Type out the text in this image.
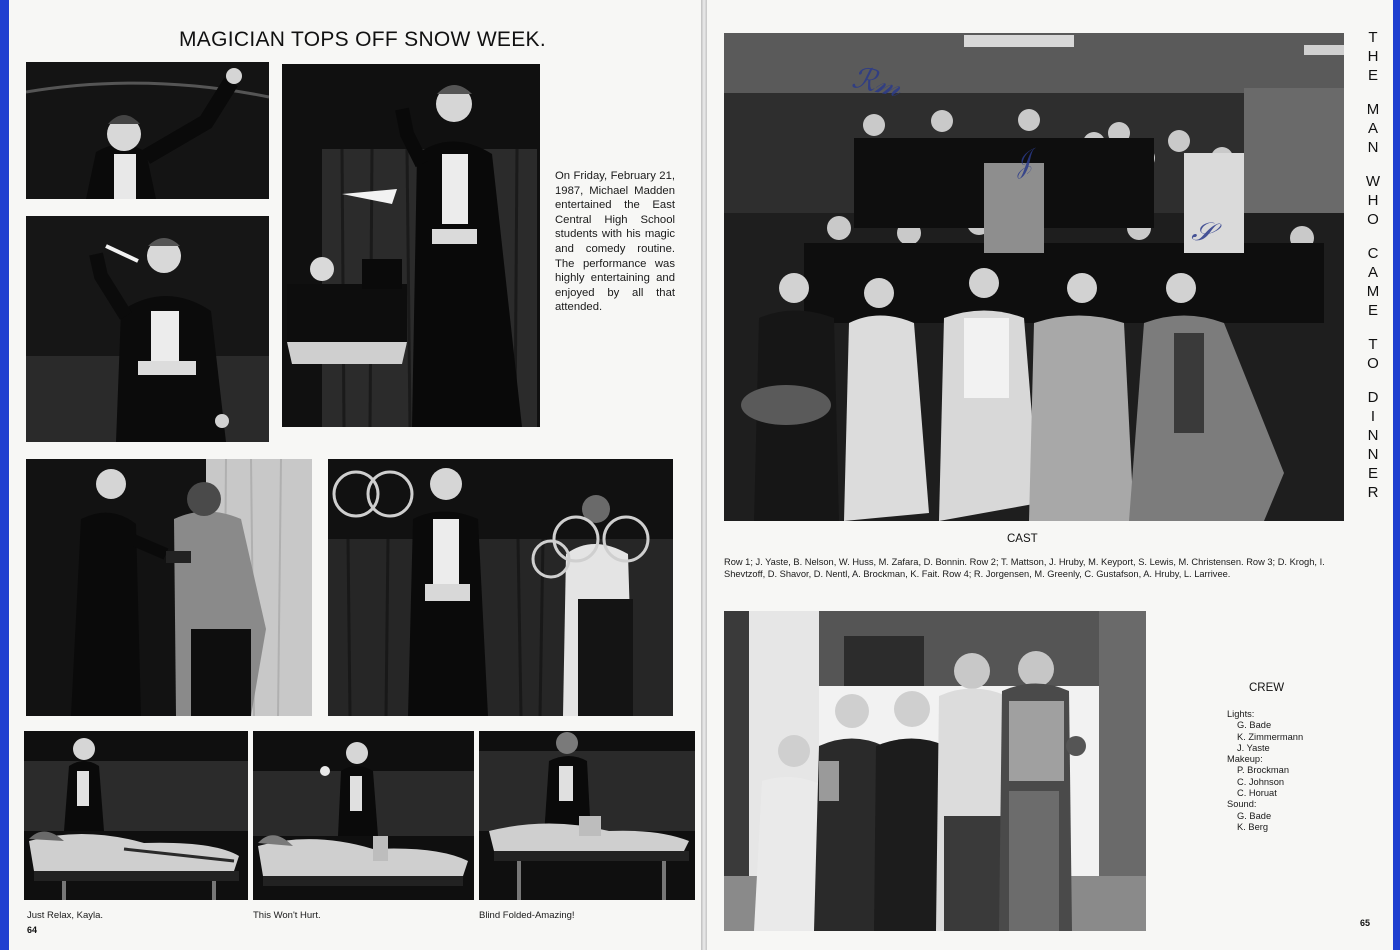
MAGICIAN TOPS OFF SNOW WEEK.
On Friday, February 21, 1987, Michael Madden entertained the East Central High School students with his magic and comedy routine. The performance was highly entertaining and enjoyed by all that attended.
Just Relax, Kayla.	This Won't Hurt.	Blind Folded-Amazing!
64
ℛ𝓂
𝒥
𝒮
T
H
E
M
A
N
W
H
O
C
A
M
E
T
O
D
I
N
N
E
R
CAST
Row 1; J. Yaste, B. Nelson, W. Huss, M. Zafara, D. Bonnin. Row 2; T. Mattson, J. Hruby, M. Keyport, S. Lewis, M. Christensen. Row 3; D. Krogh, I. Shevtzoff, D. Shavor, D. Nentl, A. Brockman, K. Fait. Row 4; R. Jorgensen, M. Greenly, C. Gustafson, A. Hruby, L. Larrivee.
CREW
Lights:
G. Bade
K. Zimmermann
J. Yaste
Makeup:
P. Brockman
C. Johnson
C. Horuat
Sound:
G. Bade
K. Berg
65
